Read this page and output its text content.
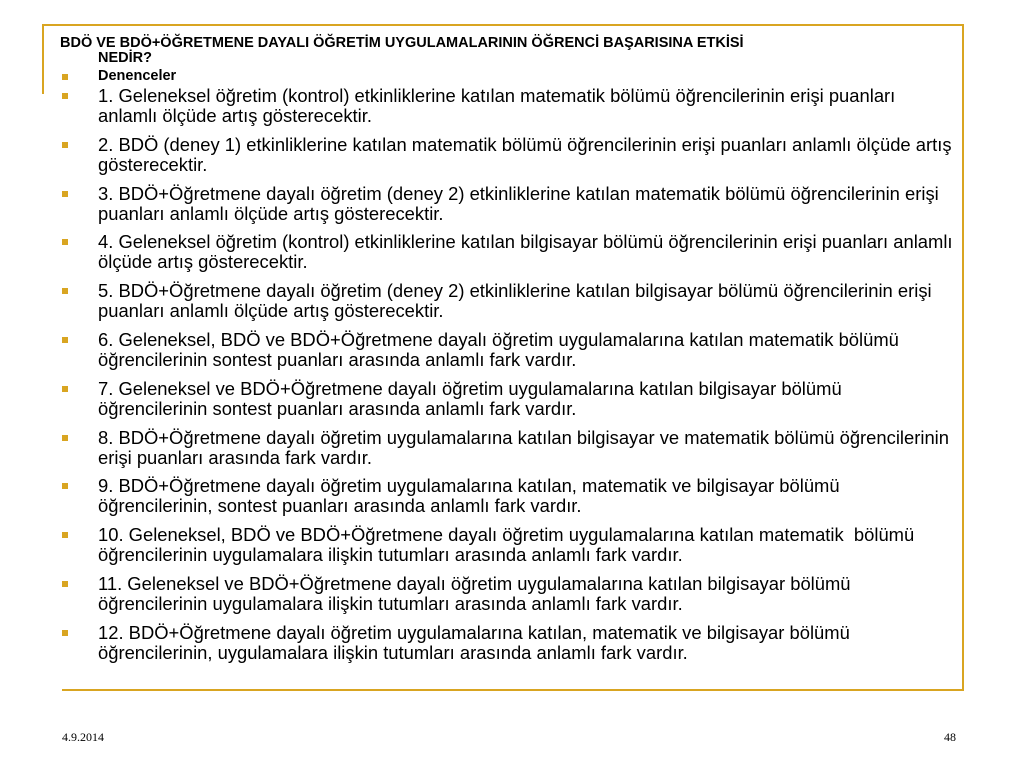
BDÖ VE BDÖ+ÖĞRETMENE DAYALI ÖĞRETİM UYGULAMALARININ ÖĞRENCİ BAŞARISINA ETKİSİ
NEDİR?
Denenceler
1. Geleneksel öğretim (kontrol) etkinliklerine katılan matematik bölümü öğrencilerinin erişi puanları anlamlı ölçüde artış gösterecektir.
2. BDÖ (deney 1) etkinliklerine katılan matematik bölümü öğrencilerinin erişi puanları anlamlı ölçüde artış gösterecektir.
3. BDÖ+Öğretmene dayalı öğretim (deney 2) etkinliklerine katılan matematik bölümü öğrencilerinin erişi puanları anlamlı ölçüde artış gösterecektir.
4. Geleneksel öğretim (kontrol) etkinliklerine katılan bilgisayar bölümü öğrencilerinin erişi puanları anlamlı ölçüde artış gösterecektir.
5. BDÖ+Öğretmene dayalı öğretim (deney 2) etkinliklerine katılan bilgisayar bölümü öğrencilerinin erişi puanları anlamlı ölçüde artış gösterecektir.
6. Geleneksel, BDÖ ve BDÖ+Öğretmene dayalı öğretim uygulamalarına katılan matematik bölümü öğrencilerinin sontest puanları arasında anlamlı fark vardır.
7. Geleneksel ve BDÖ+Öğretmene dayalı öğretim uygulamalarına katılan bilgisayar bölümü öğrencilerinin sontest puanları arasında anlamlı fark vardır.
8. BDÖ+Öğretmene dayalı öğretim uygulamalarına katılan bilgisayar ve matematik bölümü öğrencilerinin erişi puanları arasında fark vardır.
9. BDÖ+Öğretmene dayalı öğretim uygulamalarına katılan, matematik ve bilgisayar bölümü öğrencilerinin, sontest puanları arasında anlamlı fark vardır.
10. Geleneksel, BDÖ ve BDÖ+Öğretmene dayalı öğretim uygulamalarına katılan matematik  bölümü öğrencilerinin uygulamalara ilişkin tutumları arasında anlamlı fark vardır.
11. Geleneksel ve BDÖ+Öğretmene dayalı öğretim uygulamalarına katılan bilgisayar bölümü öğrencilerinin uygulamalara ilişkin tutumları arasında anlamlı fark vardır.
12. BDÖ+Öğretmene dayalı öğretim uygulamalarına katılan, matematik ve bilgisayar bölümü öğrencilerinin, uygulamalara ilişkin tutumları arasında anlamlı fark vardır.
4.9.2014	48
